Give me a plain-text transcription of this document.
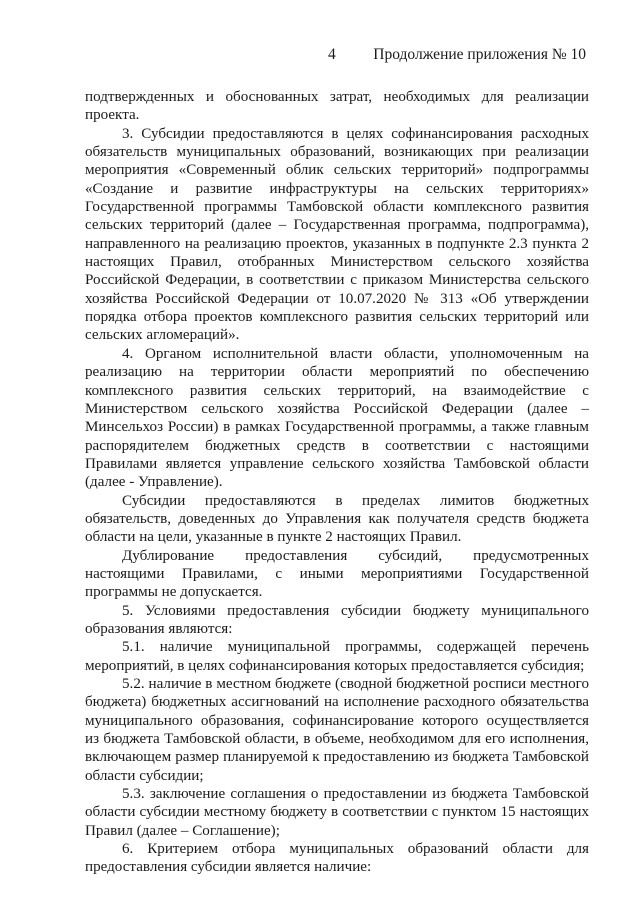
4 Продолжение приложения № 10

подтвержденных и обоснованных затрат, необходимых для реализации проекта.

3. Субсидии предоставляются в целях софинансирования расходных обязательств муниципальных образований, возникающих при реализации мероприятия «Современный облик сельских территорий» подпрограммы «Создание и развитие инфраструктуры на сельских территориях» Государственной программы Тамбовской области комплексного развития сельских территорий (далее – Государственная программа, подпрограмма), направленного на реализацию проектов, указанных в подпункте 2.3 пункта 2 настоящих Правил, отобранных Министерством сельского хозяйства Российской Федерации, в соответствии с приказом Министерства сельского хозяйства Российской Федерации от 10.07.2020 № 313 «Об утверждении порядка отбора проектов комплексного развития сельских территорий или сельских агломераций».

4. Органом исполнительной власти области, уполномоченным на реализацию на территории области мероприятий по обеспечению комплексного развития сельских территорий, на взаимодействие с Министерством сельского хозяйства Российской Федерации (далее – Минсельхоз России) в рамках Государственной программы, а также главным распорядителем бюджетных средств в соответствии с настоящими Правилами является управление сельского хозяйства Тамбовской области (далее - Управление).

Субсидии предоставляются в пределах лимитов бюджетных обязательств, доведенных до Управления как получателя средств бюджета области на цели, указанные в пункте 2 настоящих Правил.

Дублирование предоставления субсидий, предусмотренных настоящими Правилами, с иными мероприятиями Государственной программы не допускается.

5. Условиями предоставления субсидии бюджету муниципального образования являются:

5.1. наличие муниципальной программы, содержащей перечень мероприятий, в целях софинансирования которых предоставляется субсидия;

5.2. наличие в местном бюджете (сводной бюджетной росписи местного бюджета) бюджетных ассигнований на исполнение расходного обязательства муниципального образования, софинансирование которого осуществляется из бюджета Тамбовской области, в объеме, необходимом для его исполнения, включающем размер планируемой к предоставлению из бюджета Тамбовской области субсидии;

5.3. заключение соглашения о предоставлении из бюджета Тамбовской области субсидии местному бюджету в соответствии с пунктом 15 настоящих Правил (далее – Соглашение);

6. Критерием отбора муниципальных образований области для предоставления субсидии является наличие:
